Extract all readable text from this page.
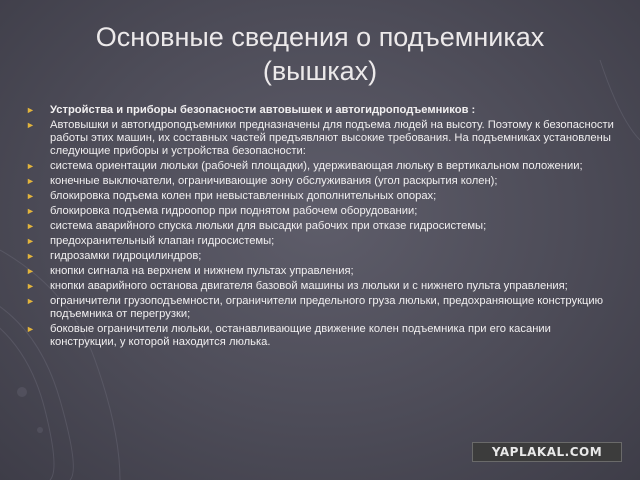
Основные сведения о подъемниках
(вышках)
►	Устройства и приборы безопасности автовышек и автогидроподъемников :
►	Автовышки и автогидроподъемники предназначены для подъема людей на высоту. Поэтому к безопасности работы этих машин, их составных частей предъявляют высокие требования. На подъемниках установлены следующие приборы и устройства безопасности:
►	система ориентации люльки (рабочей площадки), удерживающая люльку в вертикальном положении;
►	конечные выключатели, ограничивающие зону обслуживания (угол раскрытия колен);
►	блокировка подъема колен при невыставленных дополнительных опорах;
►	блокировка подъема гидроопор при поднятом рабочем оборудовании;
►	система аварийного спуска люльки для высадки рабочих при отказе гидросистемы;
►	предохранительный клапан гидросистемы;
►	гидрозамки гидроцилиндров;
►	кнопки сигнала на верхнем и нижнем пультах управления;
►	кнопки аварийного останова двигателя базовой машины из люльки и с нижнего пульта управления;
►	ограничители грузоподъемности, ограничители предельного груза люльки, предохраняющие конструкцию подъемника от перегрузки;
►	боковые ограничители люльки, останавливающие движение колен подъемника при его касании конструкции, у которой находится люлька.
YAPLAKAL.COM
